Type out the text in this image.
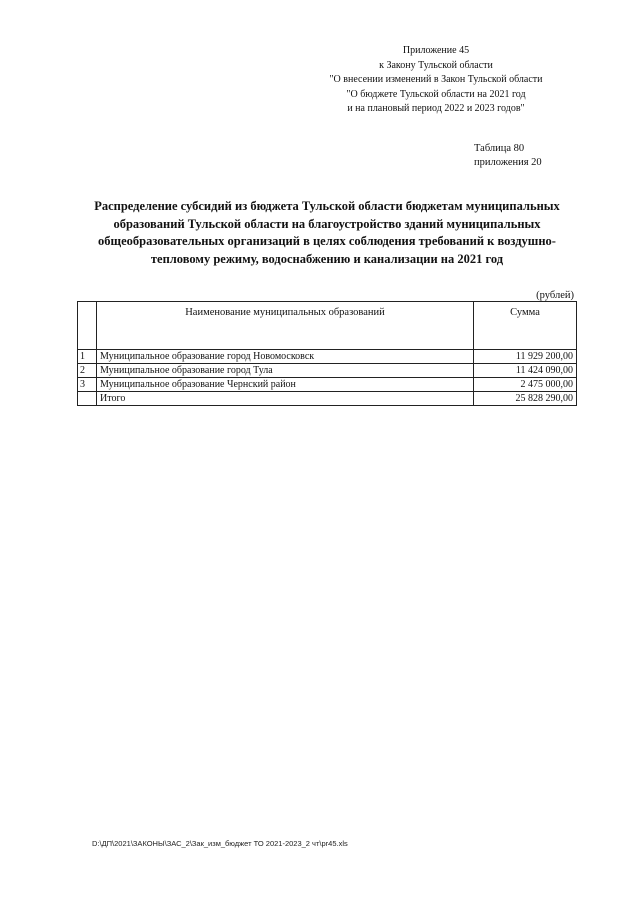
Приложение 45
к Закону Тульской области
"О внесении изменений в Закон Тульской области
"О бюджете Тульской области на 2021 год
и на плановый период 2022 и 2023 годов"
Таблица 80
приложения 20
Распределение субсидий из бюджета Тульской области бюджетам муниципальных образований Тульской области на благоустройство зданий муниципальных общеобразовательных организаций в целях соблюдения требований к воздушно-тепловому режиму, водоснабжению и канализации на 2021 год
(рублей)
	Наименование муниципальных образований	Сумма
1	Муниципальное образование город Новомосковск	11 929 200,00
2	Муниципальное образование город Тула	11 424 090,00
3	Муниципальное образование Чернский район	2 475 000,00
	Итого	25 828 290,00
D:\ДП\2021\ЗАКОНЫ\ЗАС_2\Зак_изм_бюджет ТО 2021-2023_2 чт\pr45.xls
